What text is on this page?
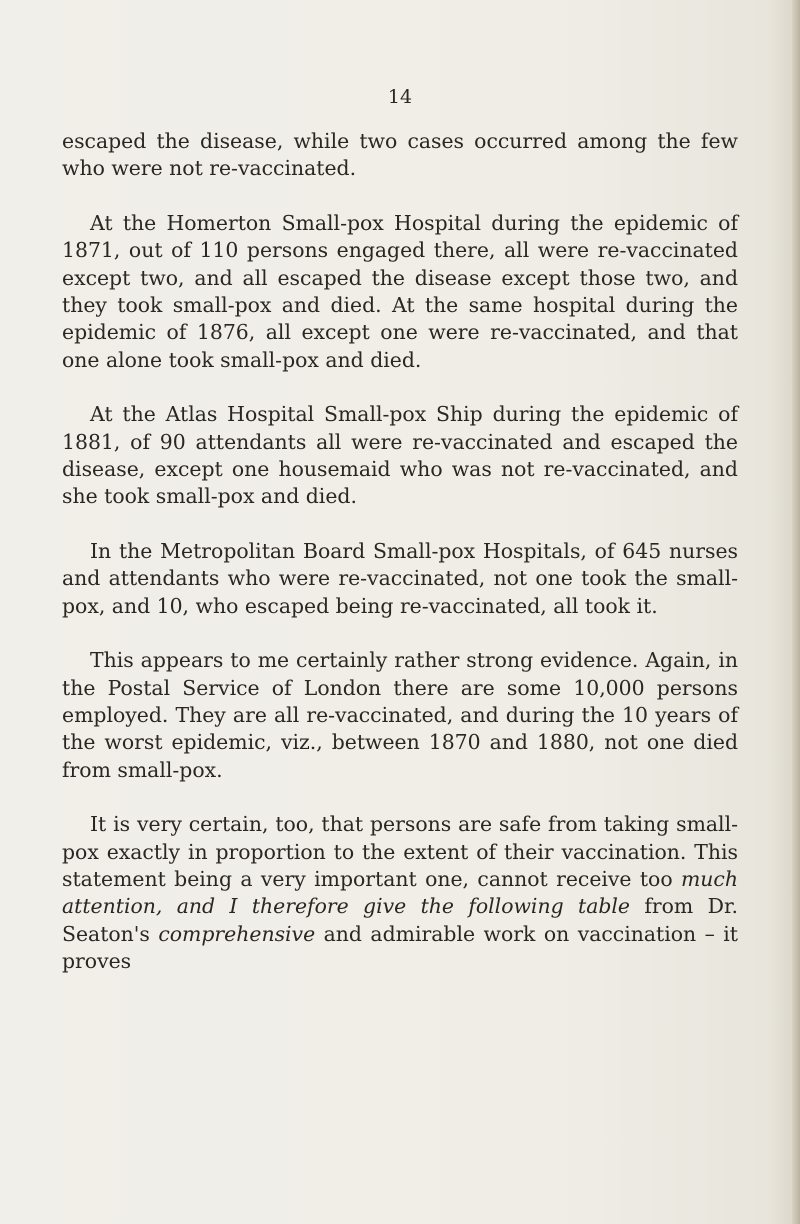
14

escaped the disease, while two cases occurred among the few who were not re-vaccinated.

At the Homerton Small-pox Hospital during the epidemic of 1871, out of 110 persons engaged there, all were re-vaccinated except two, and all escaped the disease except those two, and they took small-pox and died. At the same hospital during the epidemic of 1876, all except one were re-vaccinated, and that one alone took small-pox and died.

At the Atlas Hospital Small-pox Ship during the epidemic of 1881, of 90 attendants all were re-vaccinated and escaped the disease, except one housemaid who was not re-vaccinated, and she took small-pox and died.

In the Metropolitan Board Small-pox Hospitals, of 645 nurses and attendants who were re-vaccinated, not one took the small-pox, and 10, who escaped being re-vaccinated, all took it.

This appears to me certainly rather strong evidence. Again, in the Postal Service of London there are some 10,000 persons employed. They are all re-vaccinated, and during the 10 years of the worst epidemic, viz., between 1870 and 1880, not one died from small-pox.

It is very certain, too, that persons are safe from taking small-pox exactly in proportion to the extent of their vaccination. This statement being a very important one, cannot receive too much attention, and I therefore give the following table from Dr. Seaton's comprehensive and admirable work on vaccination – it proves
